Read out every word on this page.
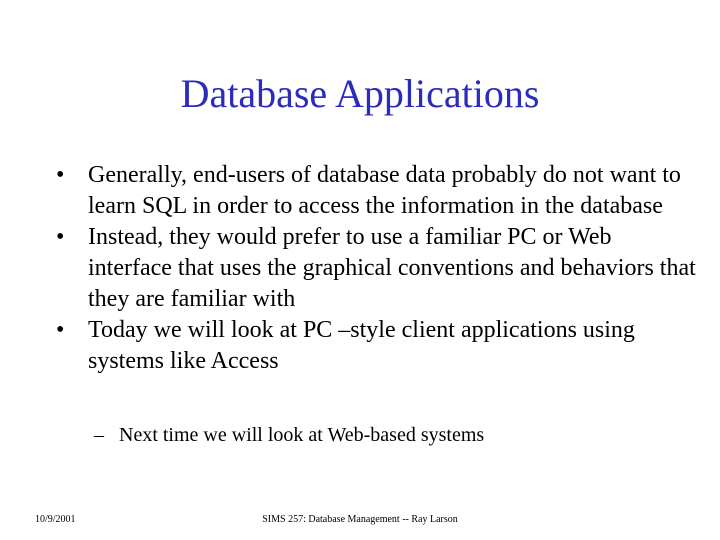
Database Applications
• Generally, end-users of database data probably do not want to learn SQL in order to access the information in the database
• Instead, they would prefer to use a familiar PC or Web interface that uses the graphical conventions and behaviors that they are familiar with
• Today we will look at PC –style client applications using systems like Access
– Next time we will look at Web-based systems
10/9/2001	SIMS 257: Database Management -- Ray Larson
